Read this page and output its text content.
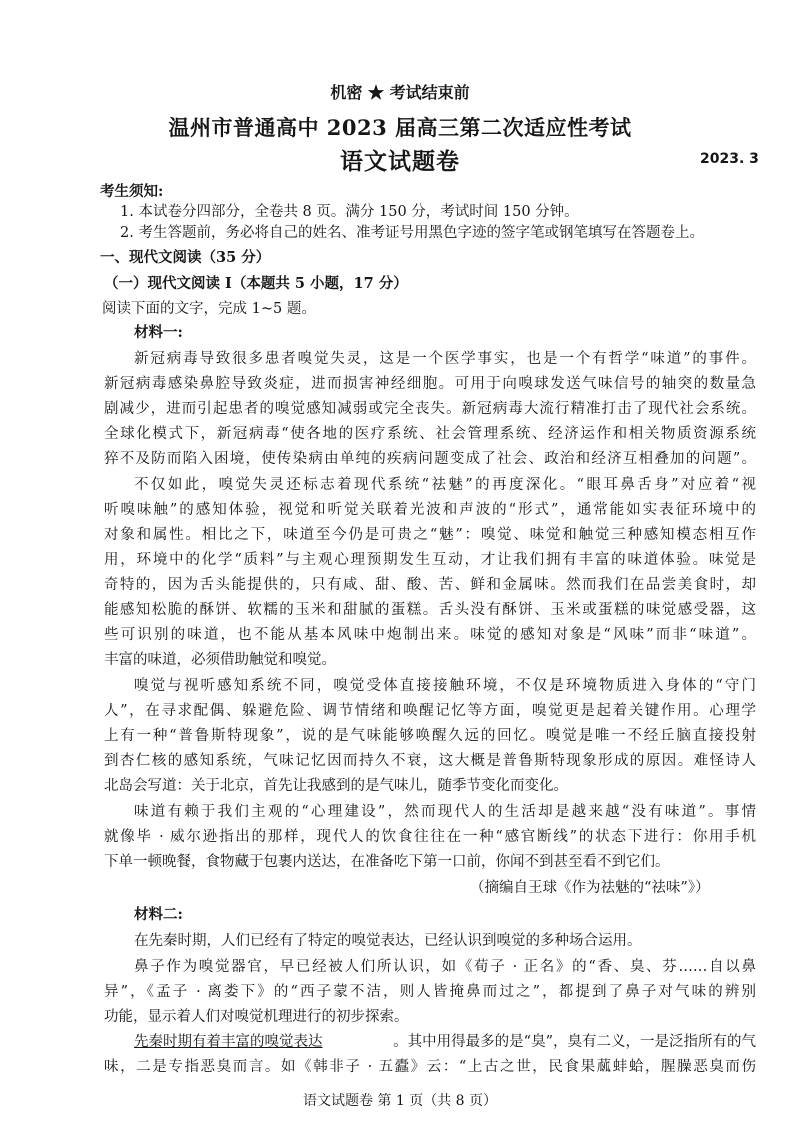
机密 ★ 考试结束前
温州市普通高中 2023 届高三第二次适应性考试
语文试题卷	2023. 3
考生须知:
1. 本试卷分四部分，全卷共 8 页。满分 150 分，考试时间 150 分钟。
2. 考生答题前，务必将自己的姓名、准考证号用黑色字迹的签字笔或钢笔填写在答题卷上。
一、现代文阅读（35 分）
（一）现代文阅读 I（本题共 5 小题，17 分）
阅读下面的文字，完成 1~5 题。
材料一:
新冠病毒导致很多患者嗅觉失灵，这是一个医学事实，也是一个有哲学“味道”的事件。
新冠病毒感染鼻腔导致炎症，进而损害神经细胞。可用于向嗅球发送气味信号的轴突的数量急
剧减少，进而引起患者的嗅觉感知减弱或完全丧失。新冠病毒大流行精准打击了现代社会系统。
全球化模式下，新冠病毒“使各地的医疗系统、社会管理系统、经济运作和相关物质资源系统
猝不及防而陷入困境，使传染病由单纯的疾病问题变成了社会、政治和经济互相叠加的问题”。
不仅如此，嗅觉失灵还标志着现代系统“祛魅”的再度深化。“眼耳鼻舌身”对应着“视
听嗅味触”的感知体验，视觉和听觉关联着光波和声波的“形式”，通常能如实表征环境中的
对象和属性。相比之下，味道至今仍是可贵之“魅”：嗅觉、味觉和触觉三种感知模态相互作
用，环境中的化学“质料”与主观心理预期发生互动，才让我们拥有丰富的味道体验。味觉是
奇特的，因为舌头能提供的，只有咸、甜、酸、苦、鲜和金属味。然而我们在品尝美食时，却
能感知松脆的酥饼、软糯的玉米和甜腻的蛋糕。舌头没有酥饼、玉米或蛋糕的味觉感受器，这
些可识别的味道，也不能从基本风味中炮制出来。味觉的感知对象是“风味”而非“味道”。
丰富的味道，必须借助触觉和嗅觉。
嗅觉与视听感知系统不同，嗅觉受体直接接触环境，不仅是环境物质进入身体的“守门
人”，在寻求配偶、躲避危险、调节情绪和唤醒记忆等方面，嗅觉更是起着关键作用。心理学
上有一种“普鲁斯特现象”，说的是气味能够唤醒久远的回忆。嗅觉是唯一不经丘脑直接投射
到杏仁核的感知系统，气味记忆因而持久不衰，这大概是普鲁斯特现象形成的原因。难怪诗人
北岛会写道：关于北京，首先让我感到的是气味儿，随季节变化而变化。
味道有赖于我们主观的“心理建设”，然而现代人的生活却是越来越“没有味道”。事情
就像毕 · 威尔逊指出的那样，现代人的饮食往往在一种“感官断线”的状态下进行：你用手机
下单一顿晚餐，食物藏于包裹内送达，在准备吃下第一口前，你闻不到甚至看不到它们。
（摘编自王球《作为祛魅的“祛味”》）
材料二:
在先秦时期，人们已经有了特定的嗅觉表达，已经认识到嗅觉的多种场合运用。
鼻子作为嗅觉器官，早已经被人们所认识，如《荀子 · 正名》的“香、臭、芬……自以鼻
异”，《孟子 · 离娄下》的“西子蒙不洁，则人皆掩鼻而过之”，都提到了鼻子对气味的辨别
功能，显示着人们对嗅觉机理进行的初步探索。
先秦时期有着丰富的嗅觉表达	。其中用得最多的是“臭”，臭有二义，一是泛指所有的气
语文试题卷 第 1 页（共 8 页）
味，二是专指恶臭而言。如《韩非子 · 五蠹》云：“上古之世，民食果蓏蚌蛤，腥臊恶臭而伤
